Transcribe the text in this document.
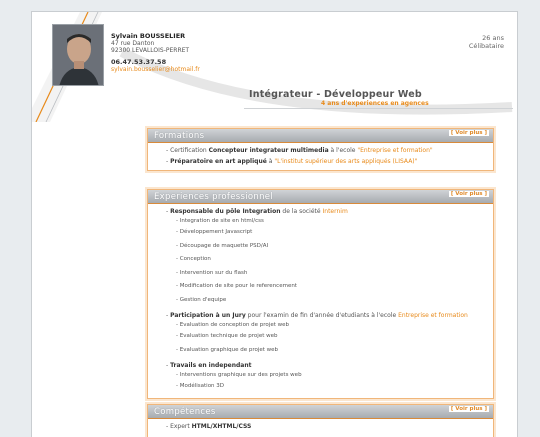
Sylvain BOUSSELIER
47 rue Danton
92300 LEVALLOIS-PERRET
06.47.53.37.58
sylvain.bousselier@hotmail.fr
26 ans
Célibataire
Intégrateur - Développeur Web
4 ans d'experiences en agences
Formations	[ Voir plus ]
- Certification Concepteur integrateur multimedia à l'ecole "Entreprise et formation"
- Préparatoire en art appliqué à "L'institut supérieur des arts appliqués (LISAA)"
Experiences professionnel	[ Voir plus ]
- Responsable du pôle Integration de la société Internim
- Integration de site en html/css
- Développement Javascript
- Découpage de maquette PSD/AI
- Conception
- Intervention sur du flash
- Modification de site pour le referencement
- Gestion d'equipe
- Participation à un Jury pour l'examin de fin d'année d'etudiants à l'ecole Entreprise et formation
- Evaluation de conception de projet web
- Evaluation technique de projet web
- Evaluation graphique de projet web
- Travails en independant
- Interventions graphique sur des projets web
- Modélisation 3D
Compétences	[ Voir plus ]
- Expert HTML/XHTML/CSS
